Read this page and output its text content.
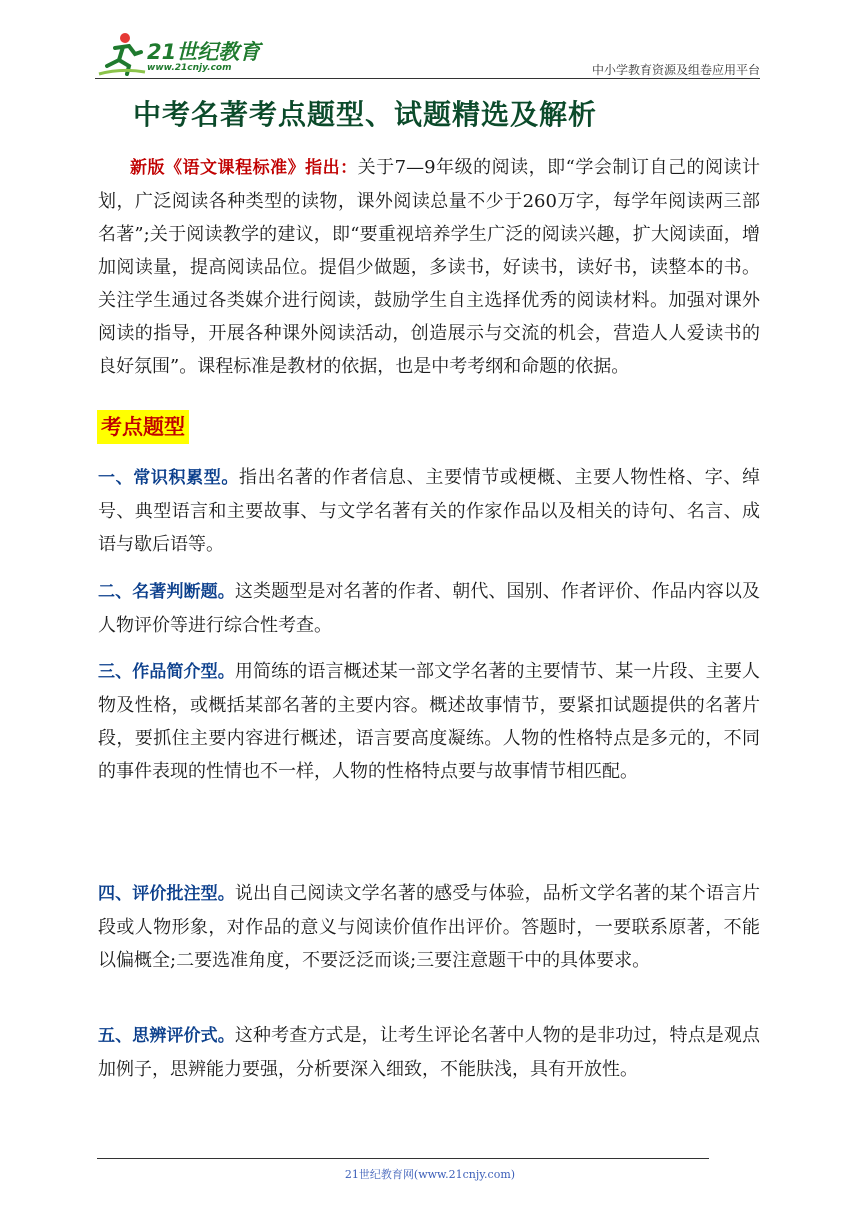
21世纪教育
www.21cnjy.com	中小学教育资源及组卷应用平台
中考名著考点题型、试题精选及解析
新版《语文课程标准》指出：关于7—9年级的阅读，即“学会制订自己的阅读计划，广泛阅读各种类型的读物，课外阅读总量不少于260万字，每学年阅读两三部名著”;关于阅读教学的建议，即“要重视培养学生广泛的阅读兴趣，扩大阅读面，增加阅读量，提高阅读品位。提倡少做题，多读书，好读书，读好书，读整本的书。关注学生通过各类媒介进行阅读，鼓励学生自主选择优秀的阅读材料。加强对课外阅读的指导，开展各种课外阅读活动，创造展示与交流的机会，营造人人爱读书的良好氛围”。课程标准是教材的依据，也是中考考纲和命题的依据。
考点题型
一、常识积累型。指出名著的作者信息、主要情节或梗概、主要人物性格、字、绰号、典型语言和主要故事、与文学名著有关的作家作品以及相关的诗句、名言、成语与歇后语等。
二、名著判断题。这类题型是对名著的作者、朝代、国别、作者评价、作品内容以及人物评价等进行综合性考查。
三、作品简介型。用简练的语言概述某一部文学名著的主要情节、某一片段、主要人物及性格，或概括某部名著的主要内容。概述故事情节，要紧扣试题提供的名著片段，要抓住主要内容进行概述，语言要高度凝练。人物的性格特点是多元的，不同的事件表现的性情也不一样，人物的性格特点要与故事情节相匹配。
四、评价批注型。说出自己阅读文学名著的感受与体验，品析文学名著的某个语言片段或人物形象，对作品的意义与阅读价值作出评价。答题时，一要联系原著，不能以偏概全;二要选准角度，不要泛泛而谈;三要注意题干中的具体要求。
五、思辨评价式。这种考查方式是，让考生评论名著中人物的是非功过，特点是观点加例子，思辨能力要强，分析要深入细致，不能肤浅，具有开放性。
21世纪教育网(www.21cnjy.com)
